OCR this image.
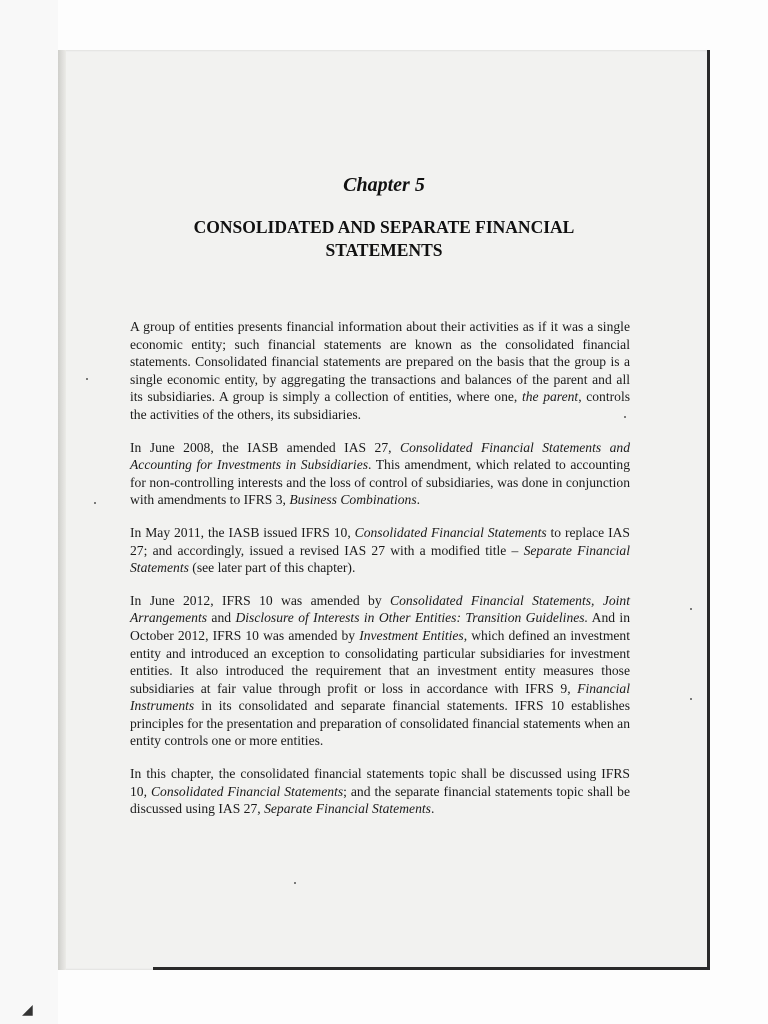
Chapter 5
CONSOLIDATED AND SEPARATE FINANCIAL
STATEMENTS

A group of entities presents financial information about their activities as if it was a single economic entity; such financial statements are known as the consolidated financial statements. Consolidated financial statements are prepared on the basis that the group is a single economic entity, by aggregating the transactions and balances of the parent and all its subsidiaries. A group is simply a collection of entities, where one, the parent, controls the activities of the others, its subsidiaries.

In June 2008, the IASB amended IAS 27, Consolidated Financial Statements and Accounting for Investments in Subsidiaries. This amendment, which related to accounting for non-controlling interests and the loss of control of subsidiaries, was done in conjunction with amendments to IFRS 3, Business Combinations.

In May 2011, the IASB issued IFRS 10, Consolidated Financial Statements to replace IAS 27; and accordingly, issued a revised IAS 27 with a modified title – Separate Financial Statements (see later part of this chapter).

In June 2012, IFRS 10 was amended by Consolidated Financial Statements, Joint Arrangements and Disclosure of Interests in Other Entities: Transition Guidelines. And in October 2012, IFRS 10 was amended by Investment Entities, which defined an investment entity and introduced an exception to consolidating particular subsidiaries for investment entities. It also introduced the requirement that an investment entity measures those subsidiaries at fair value through profit or loss in accordance with IFRS 9, Financial Instruments in its consolidated and separate financial statements. IFRS 10 establishes principles for the presentation and preparation of consolidated financial statements when an entity controls one or more entities.

In this chapter, the consolidated financial statements topic shall be discussed using IFRS 10, Consolidated Financial Statements; and the separate financial statements topic shall be discussed using IAS 27, Separate Financial Statements.

◢
